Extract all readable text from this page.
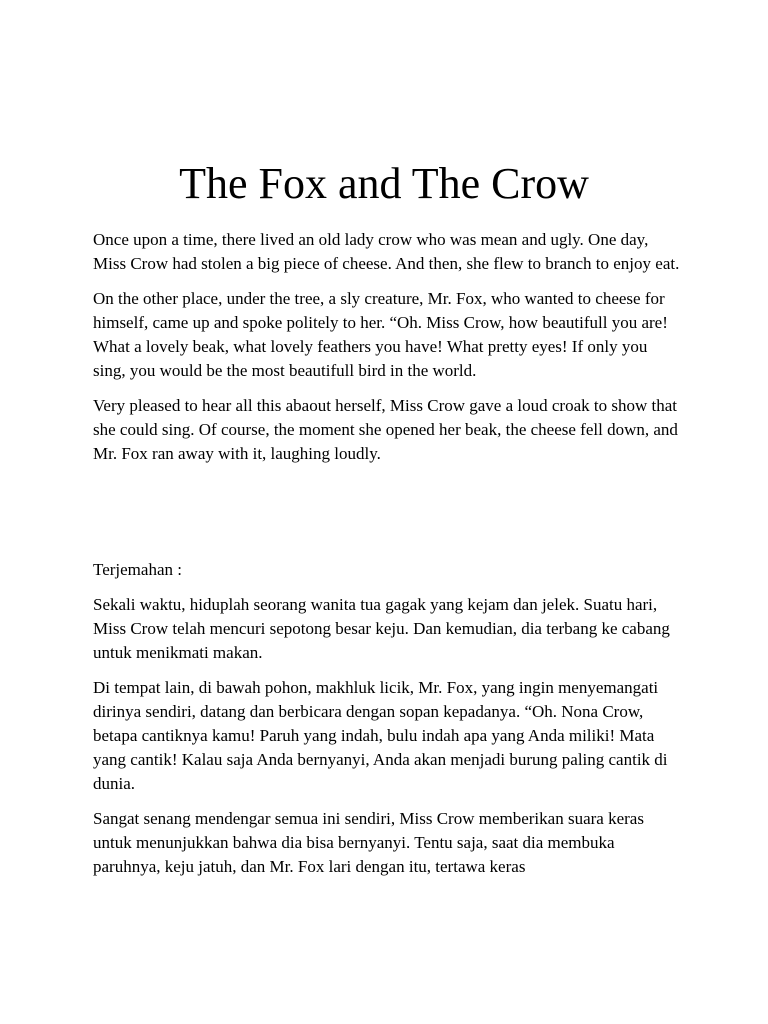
The Fox and The Crow

Once upon a time, there lived an old lady crow who was mean and ugly. One day, Miss Crow had stolen a big piece of cheese. And then, she flew to branch to enjoy eat.

On the other place, under the tree, a sly creature, Mr. Fox, who wanted to cheese for himself, came up and spoke politely to her. “Oh. Miss Crow, how beautifull you are! What a lovely beak, what lovely feathers you have! What pretty eyes! If only you sing, you would be the most beautifull bird in the world.

Very pleased to hear all this abaout herself, Miss Crow gave a loud croak to show that she could sing. Of course, the moment she opened her beak, the cheese fell down, and Mr. Fox ran away with it, laughing loudly.

Terjemahan :

Sekali waktu, hiduplah seorang wanita tua gagak yang kejam dan jelek. Suatu hari, Miss Crow telah mencuri sepotong besar keju. Dan kemudian, dia terbang ke cabang untuk menikmati makan.

Di tempat lain, di bawah pohon, makhluk licik, Mr. Fox, yang ingin menyemangati dirinya sendiri, datang dan berbicara dengan sopan kepadanya. “Oh. Nona Crow, betapa cantiknya kamu! Paruh yang indah, bulu indah apa yang Anda miliki! Mata yang cantik! Kalau saja Anda bernyanyi, Anda akan menjadi burung paling cantik di dunia.

Sangat senang mendengar semua ini sendiri, Miss Crow memberikan suara keras untuk menunjukkan bahwa dia bisa bernyanyi. Tentu saja, saat dia membuka paruhnya, keju jatuh, dan Mr. Fox lari dengan itu, tertawa keras
